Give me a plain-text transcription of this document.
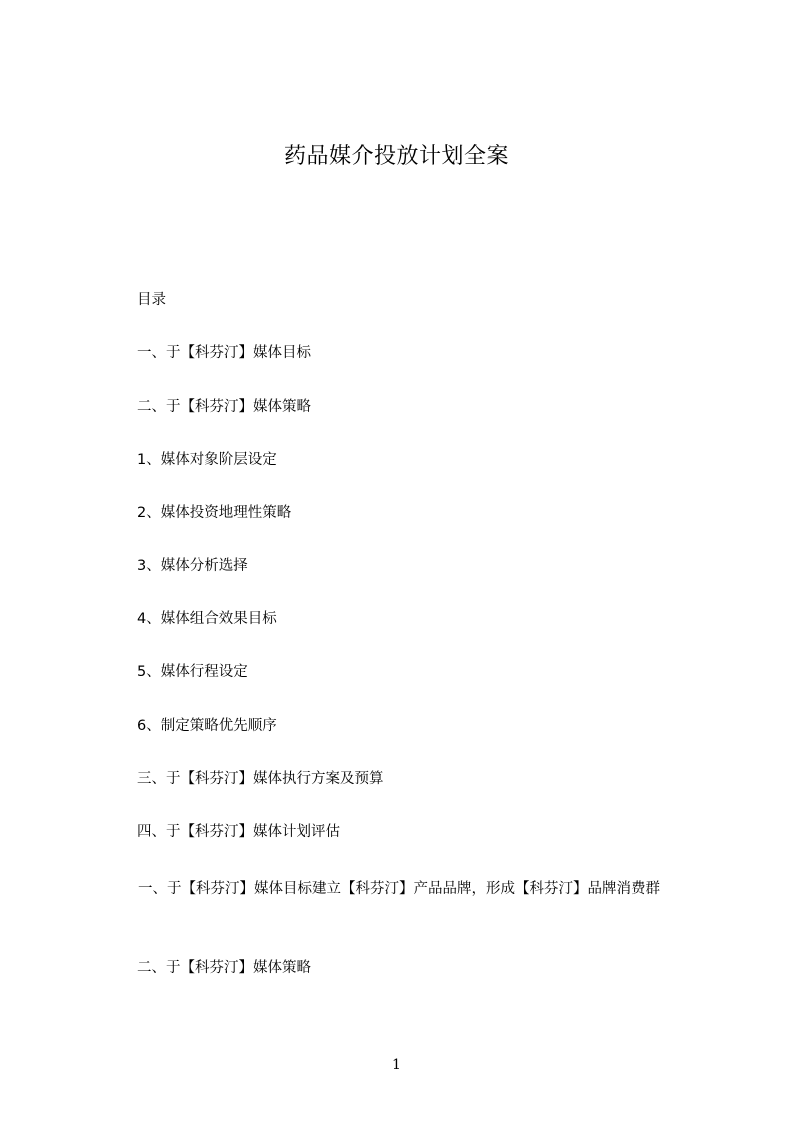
药品媒介投放计划全案
目录
一、于【科芬汀】媒体目标
二、于【科芬汀】媒体策略
1、媒体对象阶层设定
2、媒体投资地理性策略
3、媒体分析选择
4、媒体组合效果目标
5、媒体行程设定
6、制定策略优先顺序
三、于【科芬汀】媒体执行方案及预算
四、于【科芬汀】媒体计划评估
一、于【科芬汀】媒体目标建立【科芬汀】产品品牌，形成【科芬汀】品牌消费群
二、于【科芬汀】媒体策略
1
